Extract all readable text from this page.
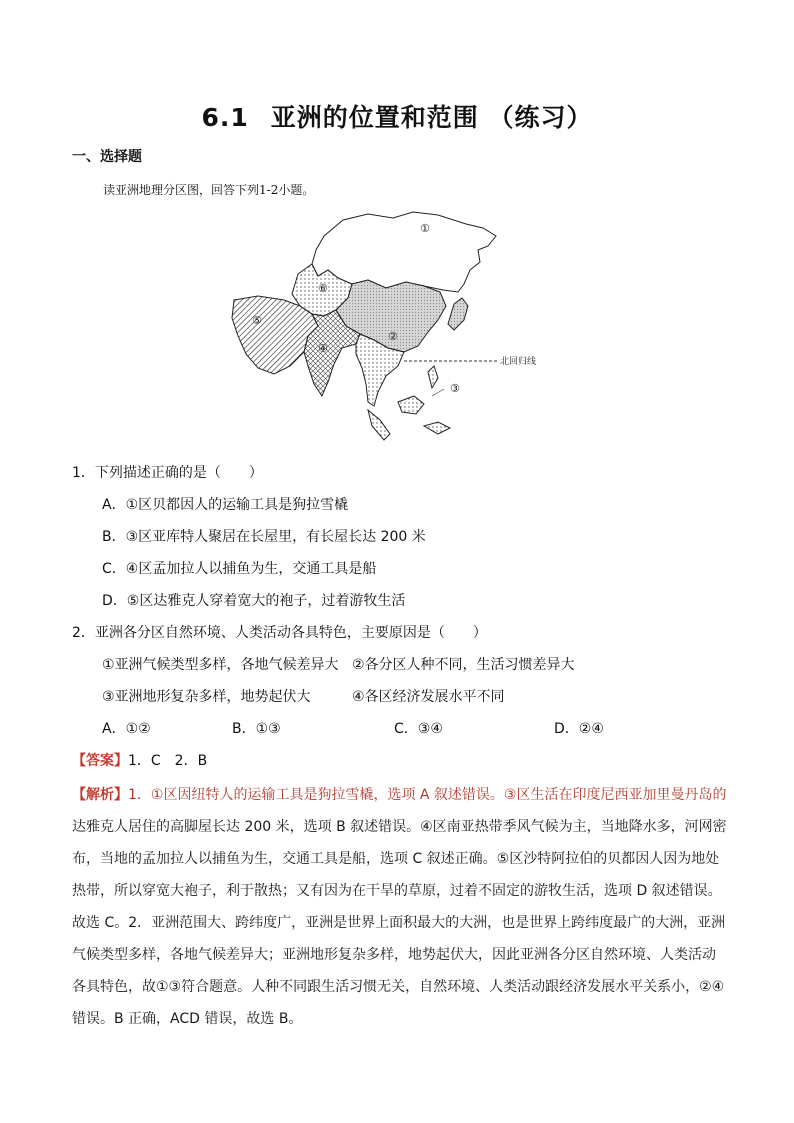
6.1 亚洲的位置和范围 （练习）
一、选择题
读亚洲地理分区图，回答下列1-2小题。
北回归线
①
②
③
④
⑤
⑥
1．下列描述正确的是（　　）
A．①区贝都因人的运输工具是狗拉雪橇
B．③区亚库特人聚居在长屋里，有长屋长达 200 米
C．④区孟加拉人以捕鱼为生，交通工具是船
D．⑤区达雅克人穿着宽大的袍子，过着游牧生活
2．亚洲各分区自然环境、人类活动各具特色，主要原因是（　　）
①亚洲气候类型多样，各地气候差异大 ②各分区人种不同，生活习惯差异大
③亚洲地形复杂多样，地势起伏大	④各区经济发展水平不同
A．①②	B．①③	C．③④	D．②④
【答案】1．C　2．B
【解析】1．①区因纽特人的运输工具是狗拉雪橇，选项 A 叙述错误。③区生活在印度尼西亚加里曼丹岛的
达雅克人居住的高脚屋长达 200 米，选项 B 叙述错误。④区南亚热带季风气候为主，当地降水多，河网密
布，当地的孟加拉人以捕鱼为生，交通工具是船，选项 C 叙述正确。⑤区沙特阿拉伯的贝都因人因为地处
热带，所以穿宽大袍子，利于散热；又有因为在干旱的草原，过着不固定的游牧生活，选项 D 叙述错误。
故选 C。2．亚洲范围大、跨纬度广，亚洲是世界上面积最大的大洲，也是世界上跨纬度最广的大洲，亚洲
气候类型多样，各地气候差异大；亚洲地形复杂多样，地势起伏大，因此亚洲各分区自然环境、人类活动
各具特色，故①③符合题意。人种不同跟生活习惯无关，自然环境、人类活动跟经济发展水平关系小，②④
错误。B 正确，ACD 错误，故选 B。
